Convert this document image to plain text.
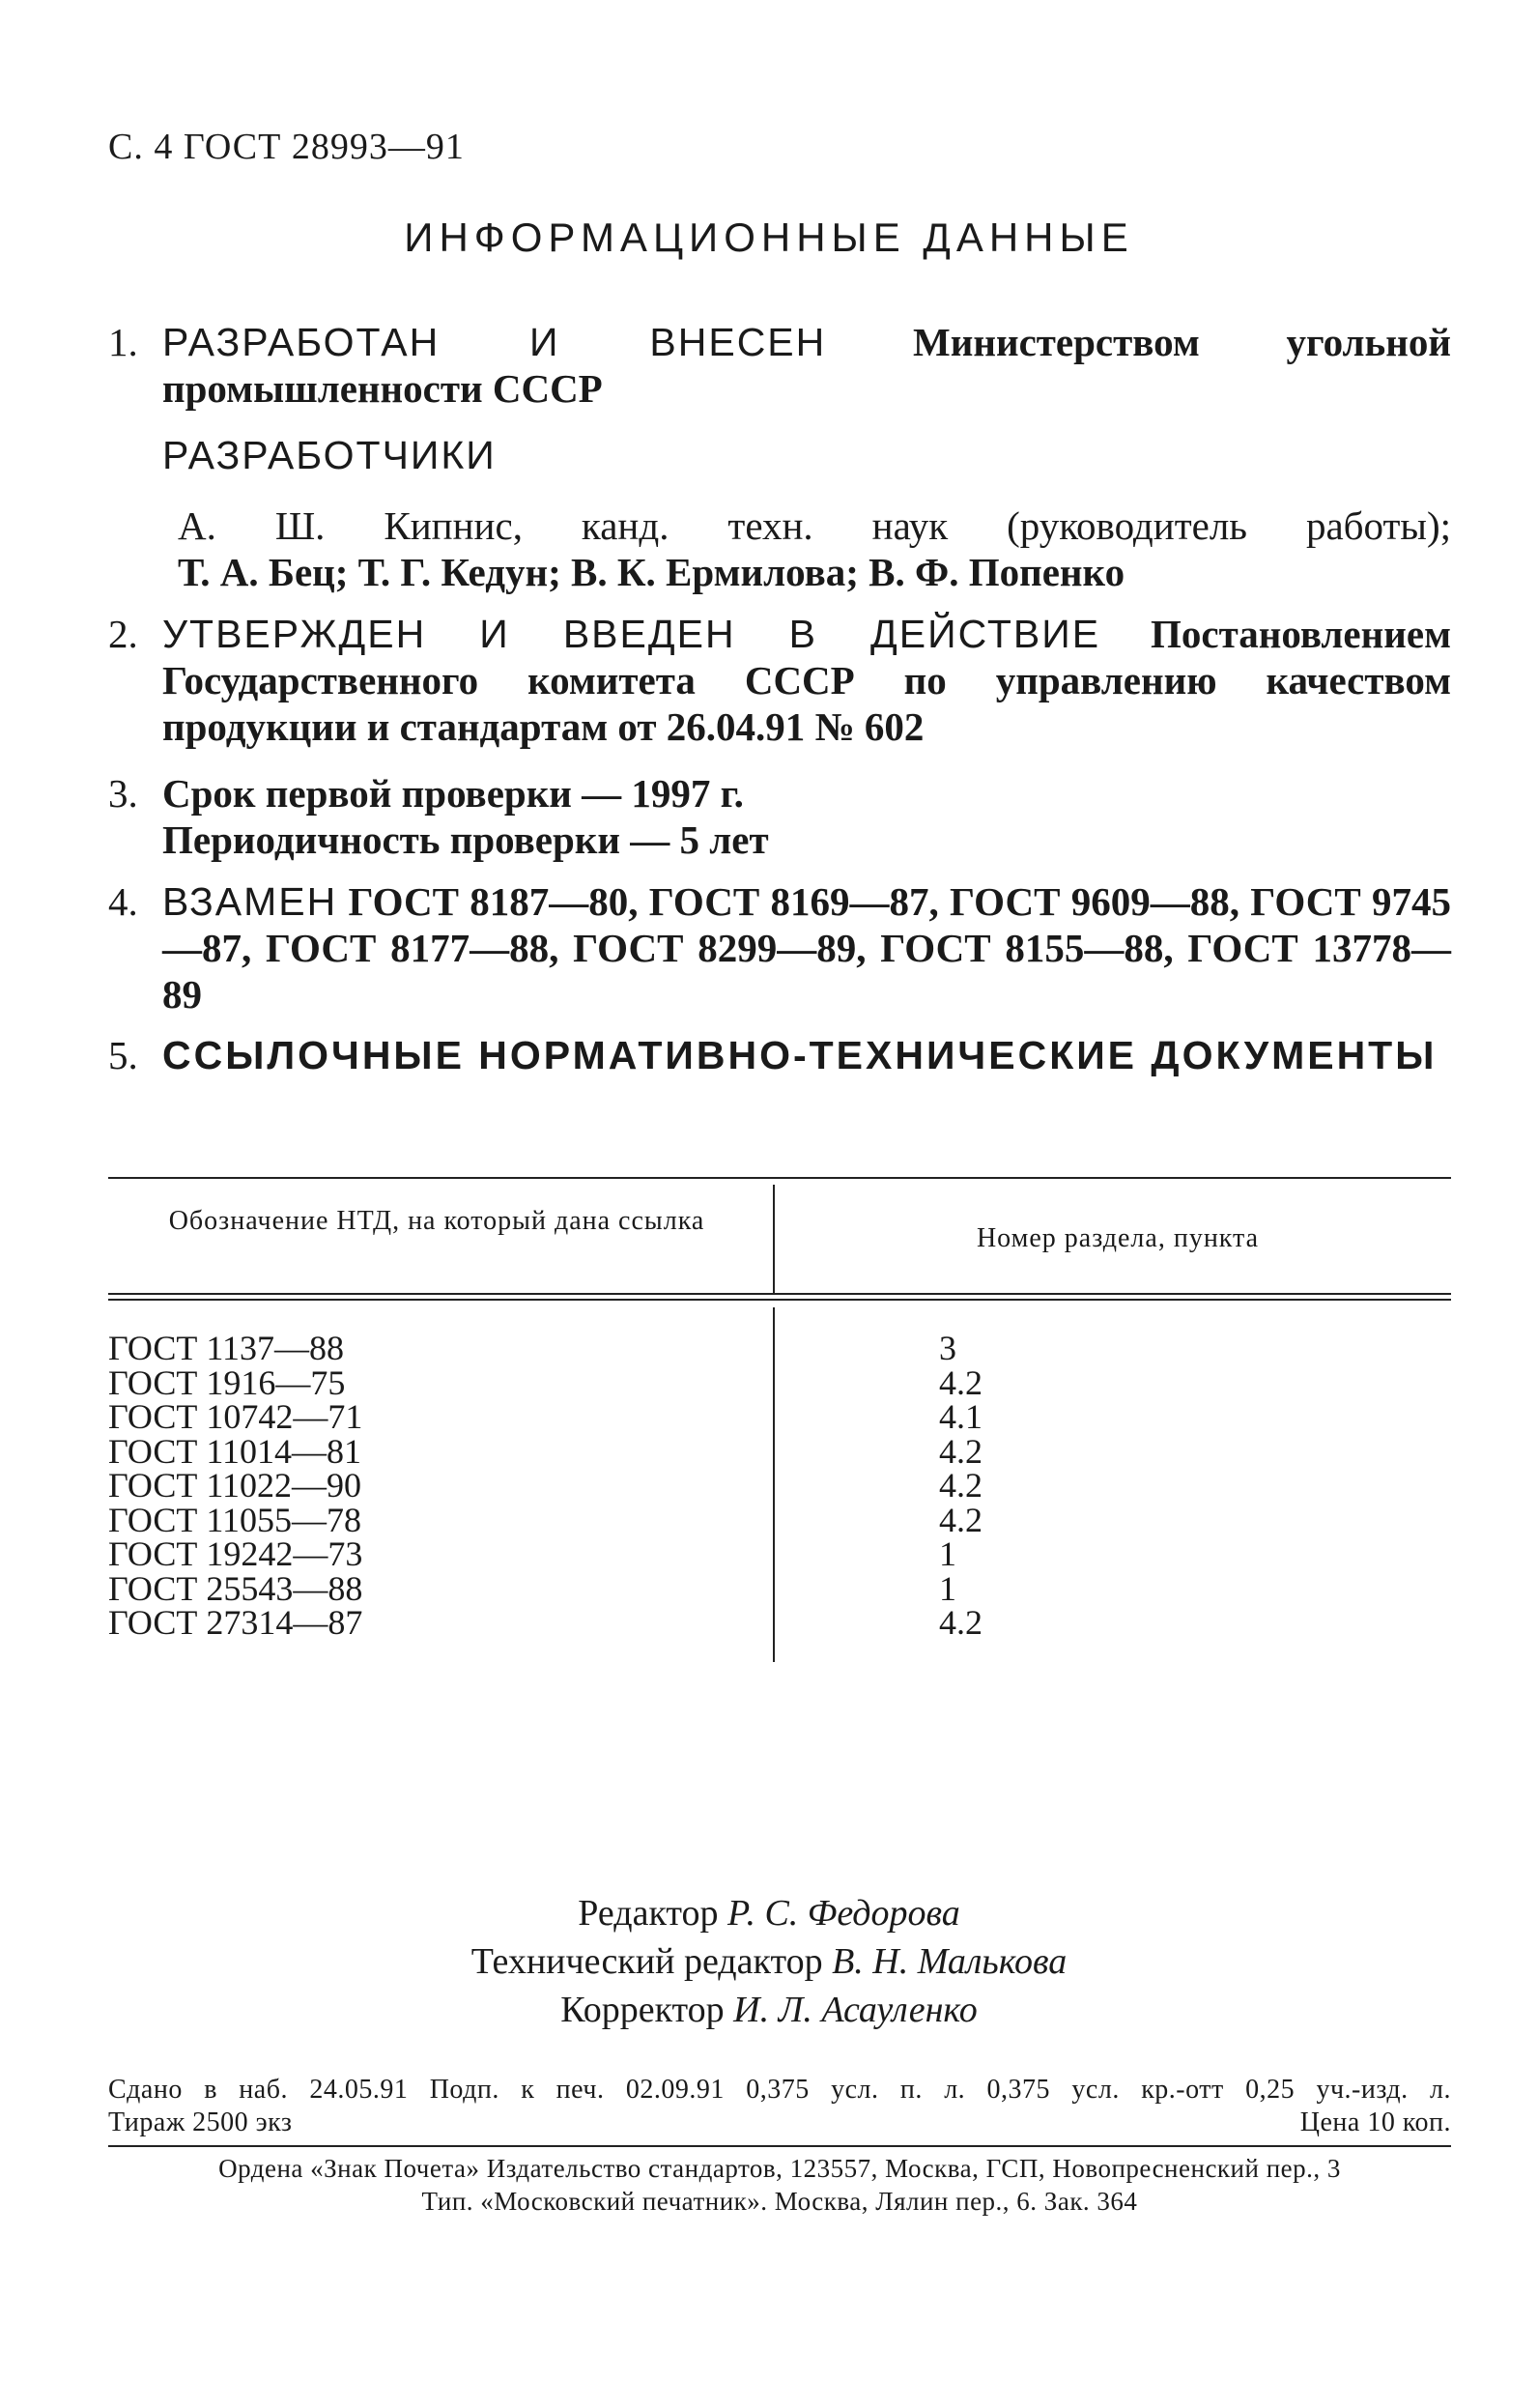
С. 4 ГОСТ 28993—91
ИНФОРМАЦИОННЫЕ ДАННЫЕ
1. РАЗРАБОТАН И ВНЕСЕН Министерством угольной промышленности СССР
РАЗРАБОТЧИКИ
А. Ш. Кипнис, канд. техн. наук (руководитель работы);
Т. А. Бец; Т. Г. Кедун; В. К. Ермилова; В. Ф. Попенко
2. УТВЕРЖДЕН И ВВЕДЕН В ДЕЙСТВИЕ Постановлением Государственного комитета СССР по управлению качеством продукции и стандартам от 26.04.91 № 602
3. Срок первой проверки — 1997 г.
Периодичность проверки — 5 лет
4. ВЗАМЕН ГОСТ 8187—80, ГОСТ 8169—87, ГОСТ 9609—88, ГОСТ 9745—87, ГОСТ 8177—88, ГОСТ 8299—89, ГОСТ 8155—88, ГОСТ 13778—89
5. ССЫЛОЧНЫЕ НОРМАТИВНО-ТЕХНИЧЕСКИЕ ДОКУМЕНТЫ
Обозначение НТД, на который дана ссылка
Номер раздела, пункта
ГОСТ 1137—88	3
ГОСТ 1916—75	4.2
ГОСТ 10742—71	4.1
ГОСТ 11014—81	4.2
ГОСТ 11022—90	4.2
ГОСТ 11055—78	4.2
ГОСТ 19242—73	1
ГОСТ 25543—88	1
ГОСТ 27314—87	4.2
Редактор Р. С. Федорова
Технический редактор В. Н. Малькова
Корректор И. Л. Асауленко
Сдано в наб. 24.05.91 Подп. к печ. 02.09.91 0,375 усл. п. л. 0,375 усл. кр.-отт 0,25 уч.-изд. л.
Тираж 2500 экз	Цена 10 коп.
Ордена «Знак Почета» Издательство стандартов, 123557, Москва, ГСП, Новопресненский пер., 3
Тип. «Московский печатник». Москва, Лялин пер., 6. Зак. 364
